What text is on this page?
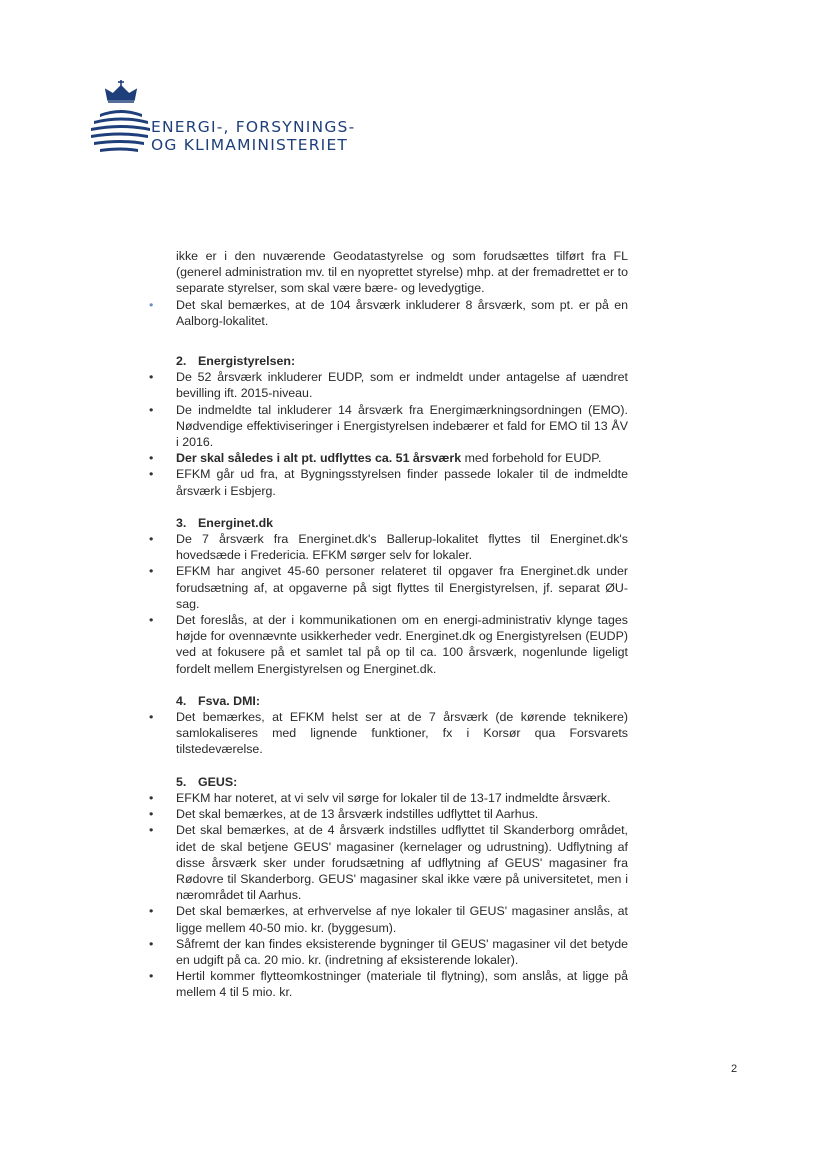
ENERGI-, FORSYNINGS-
OG KLIMAMINISTERIET

ikke er i den nuværende Geodatastyrelse og som forudsættes tilført fra FL (generel administration mv. til en nyoprettet styrelse) mhp. at der fremadrettet er to separate styrelser, som skal være bære- og levedygtige.

• Det skal bemærkes, at de 104 årsværk inkluderer 8 årsværk, som pt. er på en Aalborg-lokalitet.
2. Energistyrelsen:
• De 52 årsværk inkluderer EUDP, som er indmeldt under antagelse af uændret bevilling ift. 2015-niveau.
• De indmeldte tal inkluderer 14 årsværk fra Energimærkningsordningen (EMO). Nødvendige effektiviseringer i Energistyrelsen indebærer et fald for EMO til 13 ÅV i 2016.
• Der skal således i alt pt. udflyttes ca. 51 årsværk med forbehold for EUDP.
• EFKM går ud fra, at Bygningsstyrelsen finder passede lokaler til de indmeldte årsværk i Esbjerg.
3. Energinet.dk
• De 7 årsværk fra Energinet.dk's Ballerup-lokalitet flyttes til Energinet.dk's hovedsæde i Fredericia. EFKM sørger selv for lokaler.
• EFKM har angivet 45-60 personer relateret til opgaver fra Energinet.dk under forudsætning af, at opgaverne på sigt flyttes til Energistyrelsen, jf. separat ØU-sag.
• Det foreslås, at der i kommunikationen om en energi-administrativ klynge tages højde for ovennævnte usikkerheder vedr. Energinet.dk og Energistyrelsen (EUDP) ved at fokusere på et samlet tal på op til ca. 100 årsværk, nogenlunde ligeligt fordelt mellem Energistyrelsen og Energinet.dk.
4. Fsva. DMI:
• Det bemærkes, at EFKM helst ser at de 7 årsværk (de kørende teknikere) samlokaliseres med lignende funktioner, fx i Korsør qua Forsvarets tilstedeværelse.
5. GEUS:
• EFKM har noteret, at vi selv vil sørge for lokaler til de 13-17 indmeldte årsværk.
• Det skal bemærkes, at de 13 årsværk indstilles udflyttet til Aarhus.
• Det skal bemærkes, at de 4 årsværk indstilles udflyttet til Skanderborg området, idet de skal betjene GEUS' magasiner (kernelager og udrustning). Udflytning af disse årsværk sker under forudsætning af udflytning af GEUS' magasiner fra Rødovre til Skanderborg. GEUS' magasiner skal ikke være på universitetet, men i nærområdet til Aarhus.
• Det skal bemærkes, at erhvervelse af nye lokaler til GEUS' magasiner anslås, at ligge mellem 40-50 mio. kr. (byggesum).
• Såfremt der kan findes eksisterende bygninger til GEUS' magasiner vil det betyde en udgift på ca. 20 mio. kr. (indretning af eksisterende lokaler).
• Hertil kommer flytteomkostninger (materiale til flytning), som anslås, at ligge på mellem 4 til 5 mio. kr.
2
